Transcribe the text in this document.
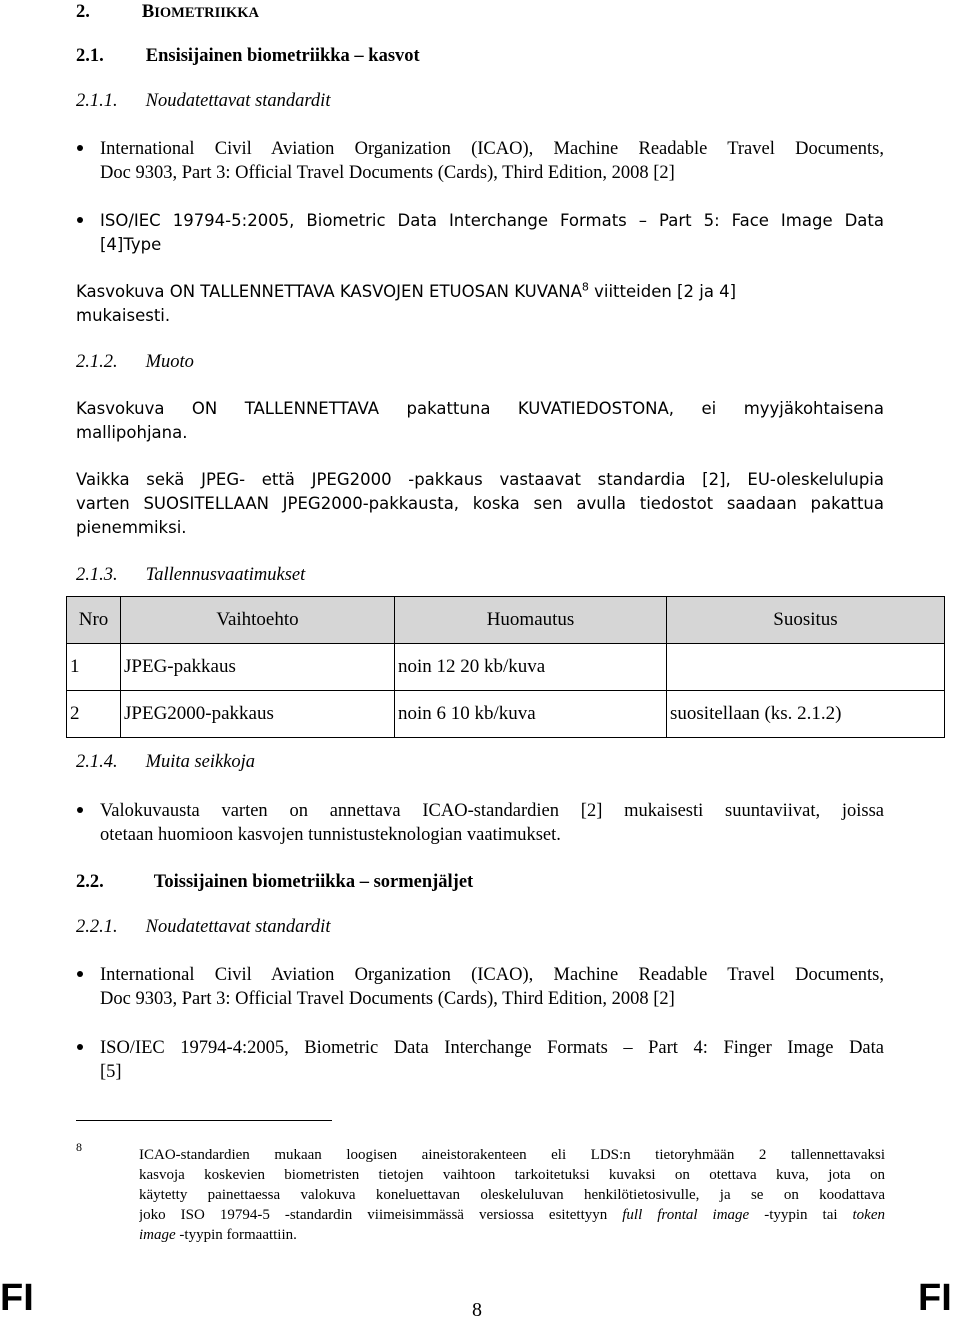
2.	BIOMETRIIKKA
2.1. Ensisijainen biometriikka – kasvot
2.1.1. Noudatettavat standardit
International Civil Aviation Organization (ICAO), Machine Readable Travel Documents,
Doc 9303, Part 3: Official Travel Documents (Cards), Third Edition, 2008 [2]
ISO/IEC 19794-5:2005, Biometric Data Interchange Formats – Part 5: Face Image Data
[4]Type
Kasvokuva ON TALLENNETTAVA KASVOJEN ETUOSAN KUVANA$^8$ viitteiden [2 ja 4]
mukaisesti.
2.1.2. Muoto
Kasvokuva ON TALLENNETTAVA pakattuna KUVATIEDOSTONA, ei myyjäkohtaisena
mallipohjana.
Vaikka sekä JPEG- että JPEG2000 -pakkaus vastaavat standardia [2], EU-oleskelulupia
varten SUOSITELLAAN JPEG2000-pakkausta, koska sen avulla tiedostot saadaan pakattua
pienemmiksi.
2.1.3. Tallennusvaatimukset
Nro	Vaihtoehto	Huomautus	Suositus
1	JPEG-pakkaus	noin 12 20 kb/kuva	
2	JPEG2000-pakkaus	noin 6 10 kb/kuva	suositellaan (ks. 2.1.2)
2.1.4. Muita seikkoja
Valokuvausta varten on annettava ICAO-standardien [2] mukaisesti suuntaviivat, joissa
otetaan huomioon kasvojen tunnistusteknologian vaatimukset.
2.2.	Toissijainen biometriikka – sormenjäljet
2.2.1. Noudatettavat standardit
International Civil Aviation Organization (ICAO), Machine Readable Travel Documents,
Doc 9303, Part 3: Official Travel Documents (Cards), Third Edition, 2008 [2]
ISO/IEC 19794-4:2005, Biometric Data Interchange Formats – Part 4: Finger Image Data
[5]
8	ICAO-standardien mukaan loogisen aineistorakenteen eli LDS:n tietoryhmään 2 tallennettavaksi
kasvoja koskevien biometristen tietojen vaihtoon tarkoitetuksi kuvaksi on otettava kuva, jota on
käytetty painettaessa valokuva koneluettavan oleskeluluvan henkilötietosivulle, ja se on koodattava
joko ISO 19794-5 -standardin viimeisimmässä versiossa esitettyyn full frontal image -tyypin tai token
image -tyypin formaattiin.
FI	8	FI
